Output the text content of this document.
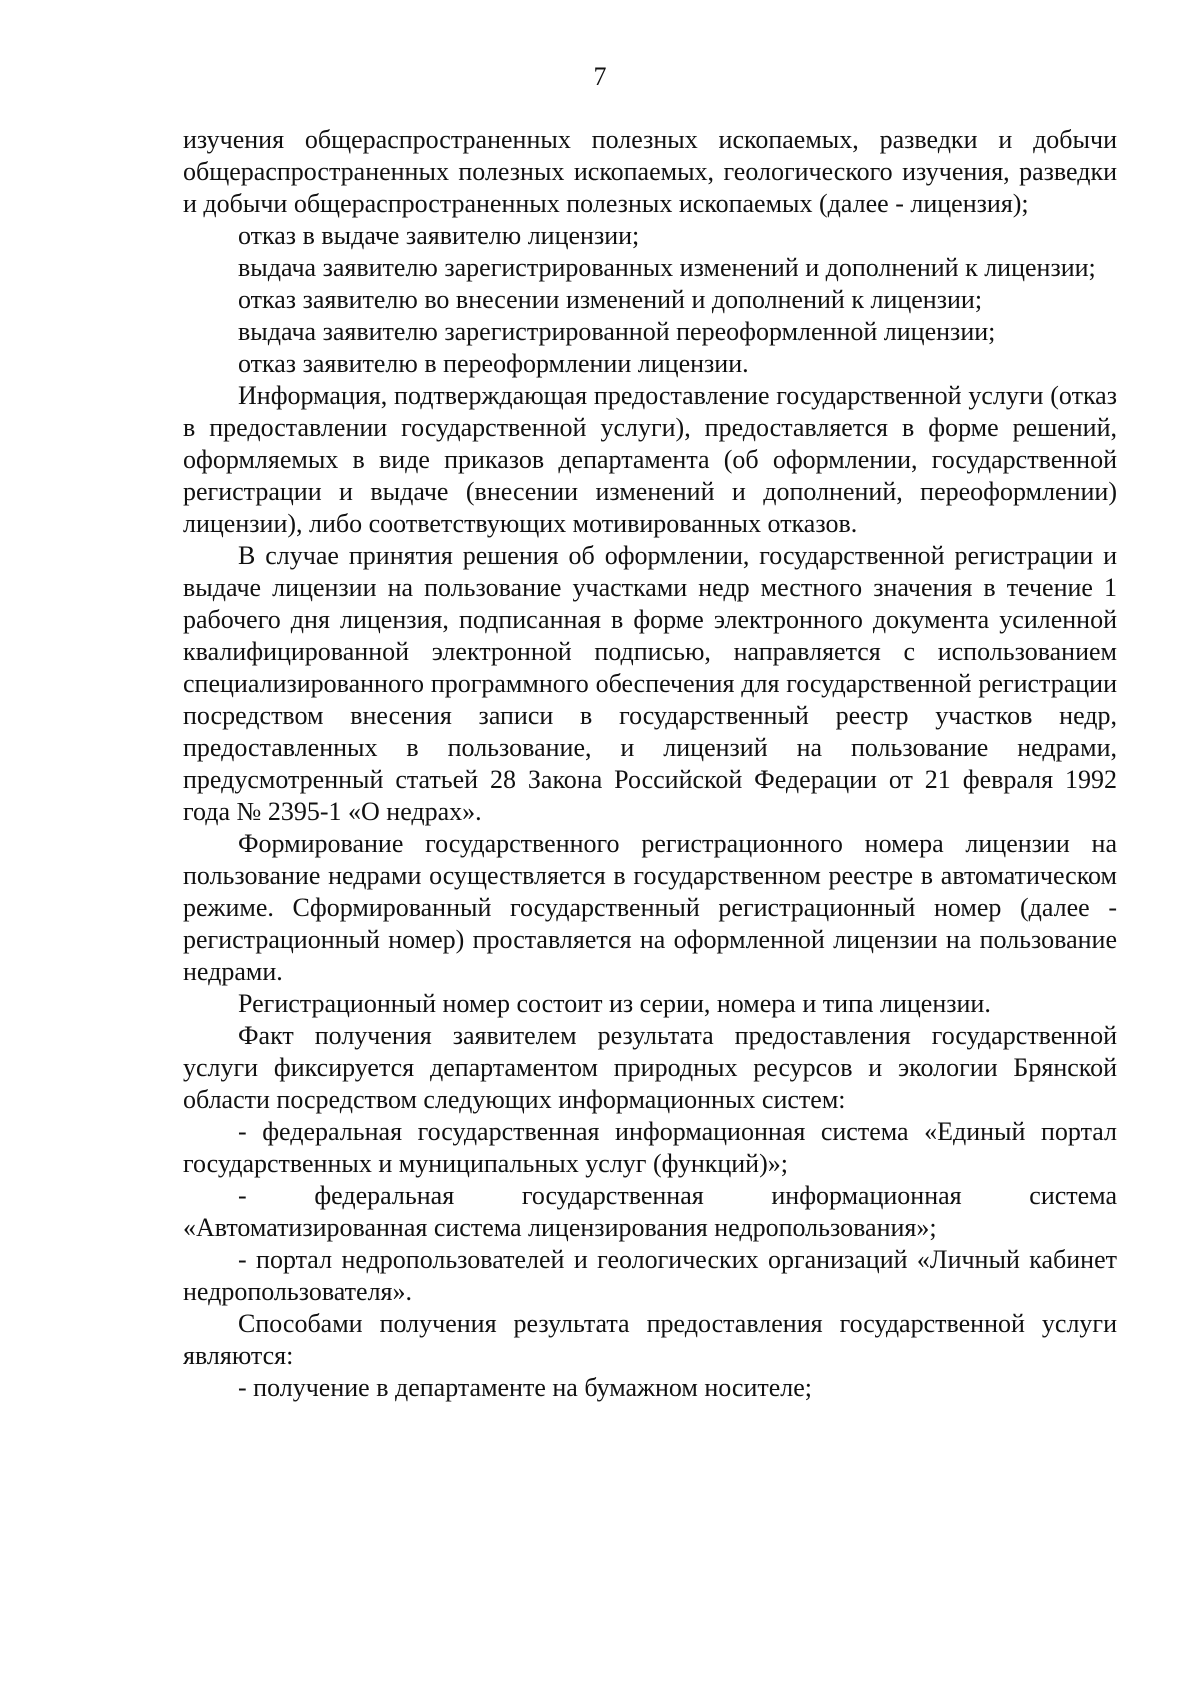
7

изучения общераспространенных полезных ископаемых, разведки и добычи общераспространенных полезных ископаемых, геологического изучения, разведки и добычи общераспространенных полезных ископаемых (далее - лицензия);

отказ в выдаче заявителю лицензии;

выдача заявителю зарегистрированных изменений и дополнений к лицензии;

отказ заявителю во внесении изменений и дополнений к лицензии;

выдача заявителю зарегистрированной переоформленной лицензии;

отказ заявителю в переоформлении лицензии.

Информация, подтверждающая предоставление государственной услуги (отказ в предоставлении государственной услуги), предоставляется в форме решений, оформляемых в виде приказов департамента (об оформлении, государственной регистрации и выдаче (внесении изменений и дополнений, переоформлении) лицензии), либо соответствующих мотивированных отказов.

В случае принятия решения об оформлении, государственной регистрации и выдаче лицензии на пользование участками недр местного значения в течение 1 рабочего дня лицензия, подписанная в форме электронного документа усиленной квалифицированной электронной подписью, направляется с использованием специализированного программного обеспечения для государственной регистрации посредством внесения записи в государственный реестр участков недр, предоставленных в пользование, и лицензий на пользование недрами, предусмотренный статьей 28 Закона Российской Федерации от 21 февраля 1992 года № 2395-1 «О недрах».

Формирование государственного регистрационного номера лицензии на пользование недрами осуществляется в государственном реестре в автоматическом режиме. Сформированный государственный регистрационный номер (далее - регистрационный номер) проставляется на оформленной лицензии на пользование недрами.

Регистрационный номер состоит из серии, номера и типа лицензии.

Факт получения заявителем результата предоставления государственной услуги фиксируется департаментом природных ресурсов и экологии Брянской области посредством следующих информационных систем:

- федеральная государственная информационная система «Единый портал государственных и муниципальных услуг (функций)»;

- федеральная государственная информационная система «Автоматизированная система лицензирования недропользования»;

- портал недропользователей и геологических организаций «Личный кабинет недропользователя».

Способами получения результата предоставления государственной услуги являются:

- получение в департаменте на бумажном носителе;
